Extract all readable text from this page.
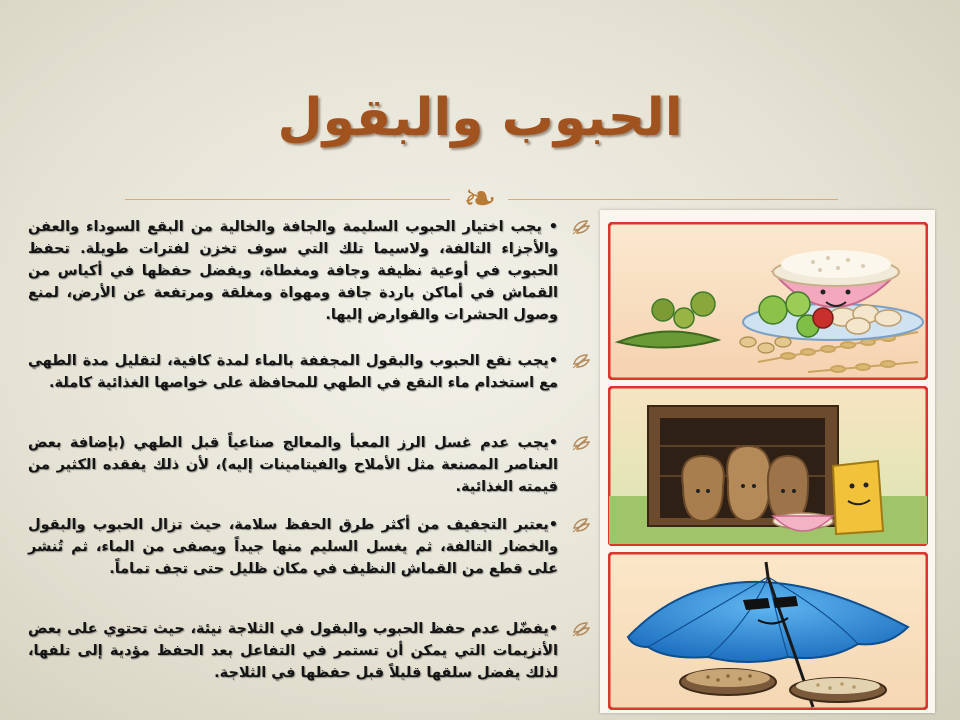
الحبوب والبقول
❧
• يجب اختيار الحبوب السليمة والجافة والخالية من البقع السوداء والعفن والأجزاء التالفة، ولاسيما تلك التي سوف تخزن لفترات طويلة. تحفظ الحبوب في أوعية نظيفة وجافة ومغطاة، ويفضل حفظها في أكياس من القماش في أماكن باردة جافة ومهواة ومغلقة ومرتفعة عن الأرض، لمنع وصول الحشرات والقوارض إليها.
•يجب نقع الحبوب والبقول المجففة بالماء لمدة كافية، لتقليل مدة الطهي مع استخدام ماء النقع في الطهي للمحافظة على خواصها الغذائية كاملة.
•يجب عدم غسل الرز المعبأ والمعالج صناعياً قبل الطهي (بإضافة بعض العناصر المصنعة مثل الأملاح والفيتامينات إليه)، لأن ذلك يفقده الكثير من قيمته الغذائية.
•يعتبر التجفيف من أكثر طرق الحفظ سلامة، حيث تزال الحبوب والبقول والخضار التالفة، ثم يغسل السليم منها جيداً ويصفى من الماء، ثم تُنشر على قطع من القماش النظيف في مكان ظليل حتى تجف تماماً.
•يفضّل عدم حفظ الحبوب والبقول في الثلاجة نيئة، حيث تحتوي على بعض الأنزيمات التي يمكن أن تستمر في التفاعل بعد الحفظ مؤدية إلى تلفها، لذلك يفضل سلقها قليلاً قبل حفظها في الثلاجة.
